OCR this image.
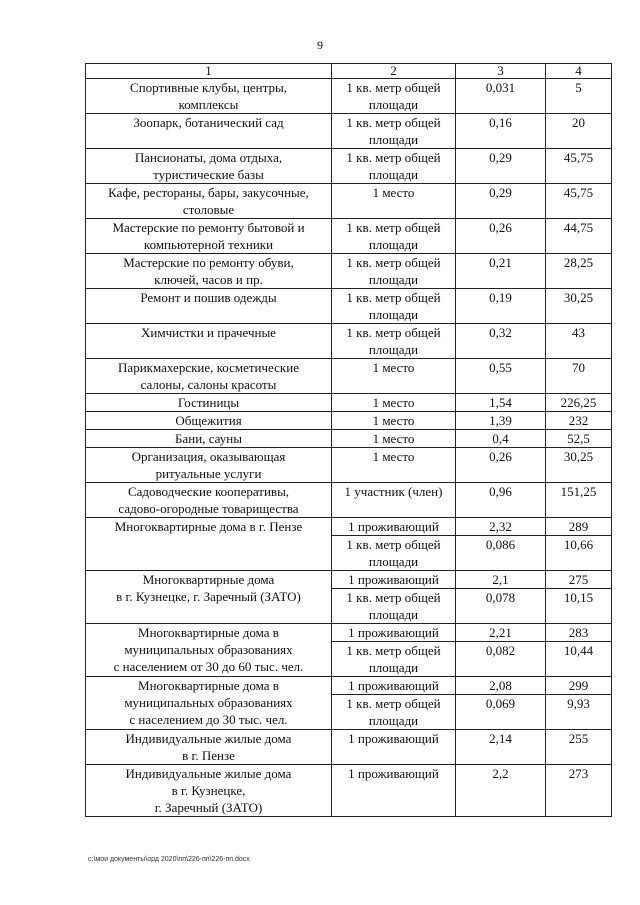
9
1	2	3	4

Спортивные клубы, центры,
комплексы	1 кв. метр общей
площади	0,031	5

Зоопарк, ботанический сад	1 кв. метр общей
площади	0,16	20

Пансионаты, дома отдыха,
туристические базы	1 кв. метр общей
площади	0,29	45,75

Кафе, рестораны, бары, закусочные,
столовые	1 место	0,29	45,75

Мастерские по ремонту бытовой и
компьютерной техники	1 кв. метр общей
площади	0,26	44,75

Мастерские по ремонту обуви,
ключей, часов и пр.	1 кв. метр общей
площади	0,21	28,25

Ремонт и пошив одежды	1 кв. метр общей
площади	0,19	30,25

Химчистки и прачечные	1 кв. метр общей
площади	0,32	43

Парикмахерские, косметические
салоны, салоны красоты	1 место	0,55	70

Гостиницы	1 место	1,54	226,25

Общежития	1 место	1,39	232

Бани, сауны	1 место	0,4	52,5

Организация, оказывающая
ритуальные услуги	1 место	0,26	30,25

Садоводческие кооперативы,
садово-огородные товарищества	1 участник (член)	0,96	151,25

Многоквартирные дома в г. Пензе	1 проживающий	2,32	289

	1 кв. метр общей
площади	0,086	10,66

Многоквартирные дома
в г. Кузнецке, г. Заречный (ЗАТО)	1 проживающий	2,1	275

	1 кв. метр общей
площади	0,078	10,15

Многоквартирные дома в
муниципальных образованиях
с населением от 30 до 60 тыс. чел.	1 проживающий	2,21	283

	1 кв. метр общей
площади	0,082	10,44

Многоквартирные дома в
муниципальных образованиях
с населением до 30 тыс. чел.	1 проживающий	2,08	299

	1 кв. метр общей
площади	0,069	9,93

Индивидуальные жилые дома
в г. Пензе	1 проживающий	2,14	255

Индивидуальные жилые дома
в г. Кузнецке,
г. Заречный (ЗАТО)	1 проживающий	2,2	273
c:\мои документы\орд 2020\пп\226-пп\226-пп.docx
